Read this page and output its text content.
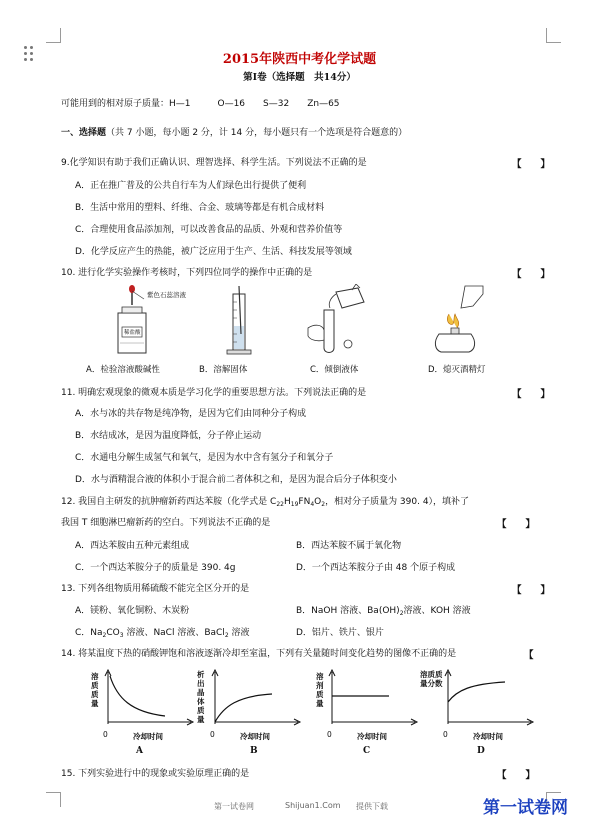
2015年陕西中考化学试题
第Ⅰ卷（选择题　共14分）
可能用到的相对原子质量：H—1　　　O—16　　S—32　　Zn—65
一、选择题（共 7 小题，每小题 2 分，计 14 分，每小题只有一个选项是符合题意的）
9.化学知识有助于我们正确认识、理智选择、科学生活。下列说法不正确的是	【　　】
A．正在推广普及的公共自行车为人们绿色出行提供了便利
B．生活中常用的塑料、纤维、合金、玻璃等都是有机合成材料
C．合理使用食品添加剂，可以改善食品的品质、外观和营养价值等
D．化学反应产生的热能，被广泛应用于生产、生活、科技发展等领域
10. 进行化学实验操作考核时，下列四位同学的操作中正确的是	【　　】
紫色石蕊溶液
稀盐酸
A．检验溶液酸碱性	B．溶解固体	C．倾倒液体	D．熄灭酒精灯
11. 明确宏观现象的微观本质是学习化学的重要思想方法。下列说法正确的是	【　　】
A．水与冰的共存物是纯净物，是因为它们由同种分子构成
B．水结成冰，是因为温度降低，分子停止运动
C．水通电分解生成氢气和氧气，是因为水中含有氢分子和氧分子
D．水与酒精混合液的体积小于混合前二者体积之和，是因为混合后分子体积变小
12. 我国自主研发的抗肿瘤新药西达苯胺（化学式是 $C_{22}H_{19}FN_4O_2$，相对分子质量为 390. 4），填补了
我国 T 细胞淋巴瘤新药的空白。下列说法不正确的是	【　　】
A．西达苯胺由五种元素组成	B．西达苯胺不属于氧化物
C．一个西达苯胺分子的质量是 390. 4g	D．一个西达苯胺分子由 48 个原子构成
13. 下列各组物质用稀硫酸不能完全区分开的是	【　　】
A．镁粉、氧化铜粉、木炭粉	B．NaOH 溶液、$Ba(OH)_2$溶液、KOH 溶液
C．$Na_2CO_3$ 溶液、NaCl 溶液、BaCl$_2$ 溶液	D．铝片、铁片、银片
14. 将某温度下热的硝酸钾饱和溶液逐渐冷却至室温，下列有关量随时间变化趋势的图像不正确的是	【
溶质质量
0	冷却时间
A
析出晶体质量
0	冷却时间
B
溶剂质量
0	冷却时间
C
溶质质量分数
0	冷却时间
D
15. 下列实验进行中的现象或实验原理正确的是	【　　】
第一试卷网	Shijuan1.Com 提供下载	第一试卷网
